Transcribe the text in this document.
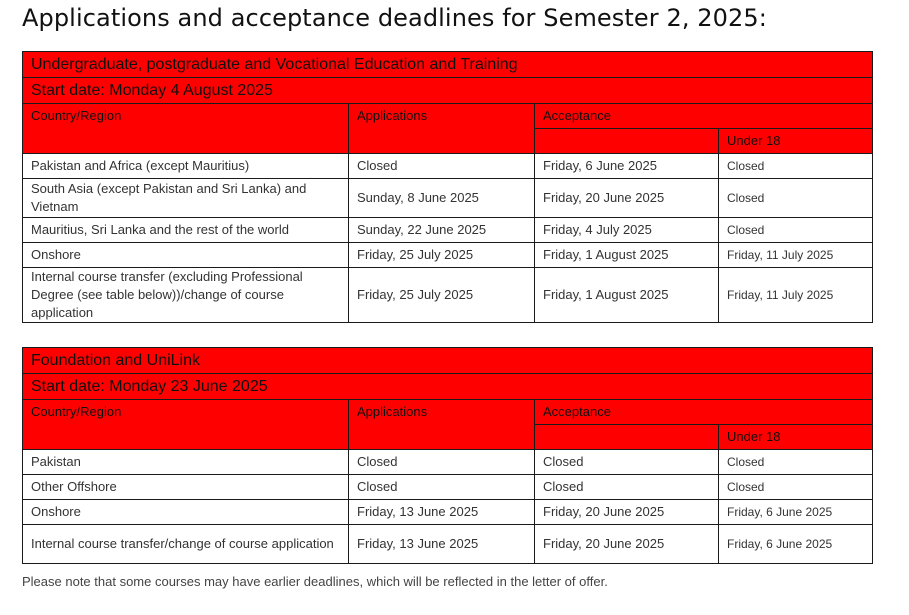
Applications and acceptance deadlines for Semester 2, 2025:
Undergraduate, postgraduate and Vocational Education and Training			
Start date: Monday 4 August 2025			
Country/Region	Applications	Acceptance	
			Under 18
Pakistan and Africa (except Mauritius)	Closed	Friday, 6 June 2025	Closed
South Asia (except Pakistan and Sri Lanka) and Vietnam	Sunday, 8 June 2025	Friday, 20 June 2025	Closed
Mauritius, Sri Lanka and the rest of the world	Sunday, 22 June 2025	Friday, 4 July 2025	Closed
Onshore	Friday, 25 July 2025	Friday, 1 August 2025	Friday, 11 July 2025
Internal course transfer (excluding Professional Degree (see table below))/change of course application	Friday, 25 July 2025	Friday, 1 August 2025	Friday, 11 July 2025
Foundation and UniLink			
Start date: Monday 23 June 2025			
Country/Region	Applications	Acceptance	
			Under 18
Pakistan	Closed	Closed	Closed
Other Offshore	Closed	Closed	Closed
Onshore	Friday, 13 June 2025	Friday, 20 June 2025	Friday, 6 June 2025
Internal course transfer/change of course application	Friday, 13 June 2025	Friday, 20 June 2025	Friday, 6 June 2025
Please note that some courses may have earlier deadlines, which will be reflected in the letter of offer.
